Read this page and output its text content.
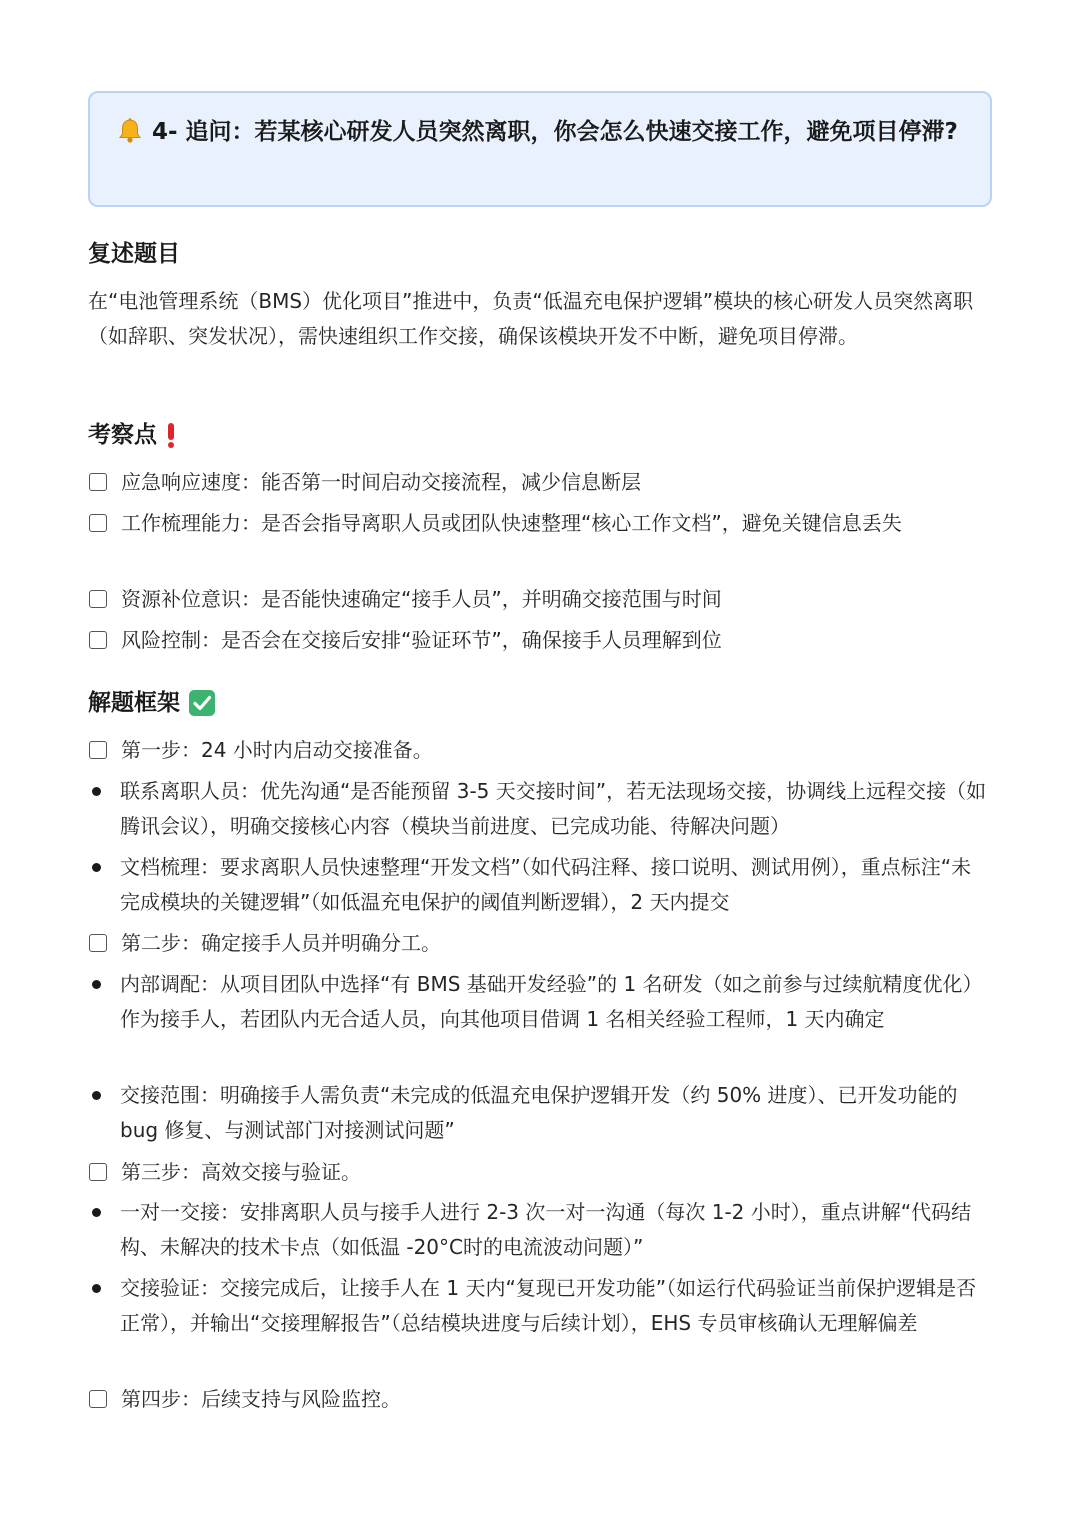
4- 追问：若某核心研发人员突然离职，你会怎么快速交接工作，避免项目停滞?
复述题目
在“电池管理系统（BMS）优化项目”推进中，负责“低温充电保护逻辑”模块的核心研发人员突然离职（如辞职、突发状况），需快速组织工作交接，确保该模块开发不中断，避免项目停滞。
考察点
应急响应速度：能否第一时间启动交接流程，减少信息断层
工作梳理能力：是否会指导离职人员或团队快速整理“核心工作文档”，避免关键信息丢失
资源补位意识：是否能快速确定“接手人员”，并明确交接范围与时间
风险控制：是否会在交接后安排“验证环节”，确保接手人员理解到位
解题框架
第一步：24 小时内启动交接准备。
联系离职人员：优先沟通“是否能预留 3-5 天交接时间”，若无法现场交接，协调线上远程交接（如腾讯会议），明确交接核心内容（模块当前进度、已完成功能、待解决问题）
文档梳理：要求离职人员快速整理“开发文档”（如代码注释、接口说明、测试用例），重点标注“未完成模块的关键逻辑”（如低温充电保护的阈值判断逻辑），2 天内提交
第二步：确定接手人员并明确分工。
内部调配：从项目团队中选择“有 BMS 基础开发经验”的 1 名研发（如之前参与过续航精度优化）作为接手人，若团队内无合适人员，向其他项目借调 1 名相关经验工程师，1 天内确定
交接范围：明确接手人需负责“未完成的低温充电保护逻辑开发（约 50% 进度）、已开发功能的 bug 修复、与测试部门对接测试问题”
第三步：高效交接与验证。
一对一交接：安排离职人员与接手人进行 2-3 次一对一沟通（每次 1-2 小时），重点讲解“代码结构、未解决的技术卡点（如低温 -20°C时的电流波动问题）”
交接验证：交接完成后，让接手人在 1 天内“复现已开发功能”（如运行代码验证当前保护逻辑是否正常），并输出“交接理解报告”（总结模块进度与后续计划），EHS 专员审核确认无理解偏差
第四步：后续支持与风险监控。
